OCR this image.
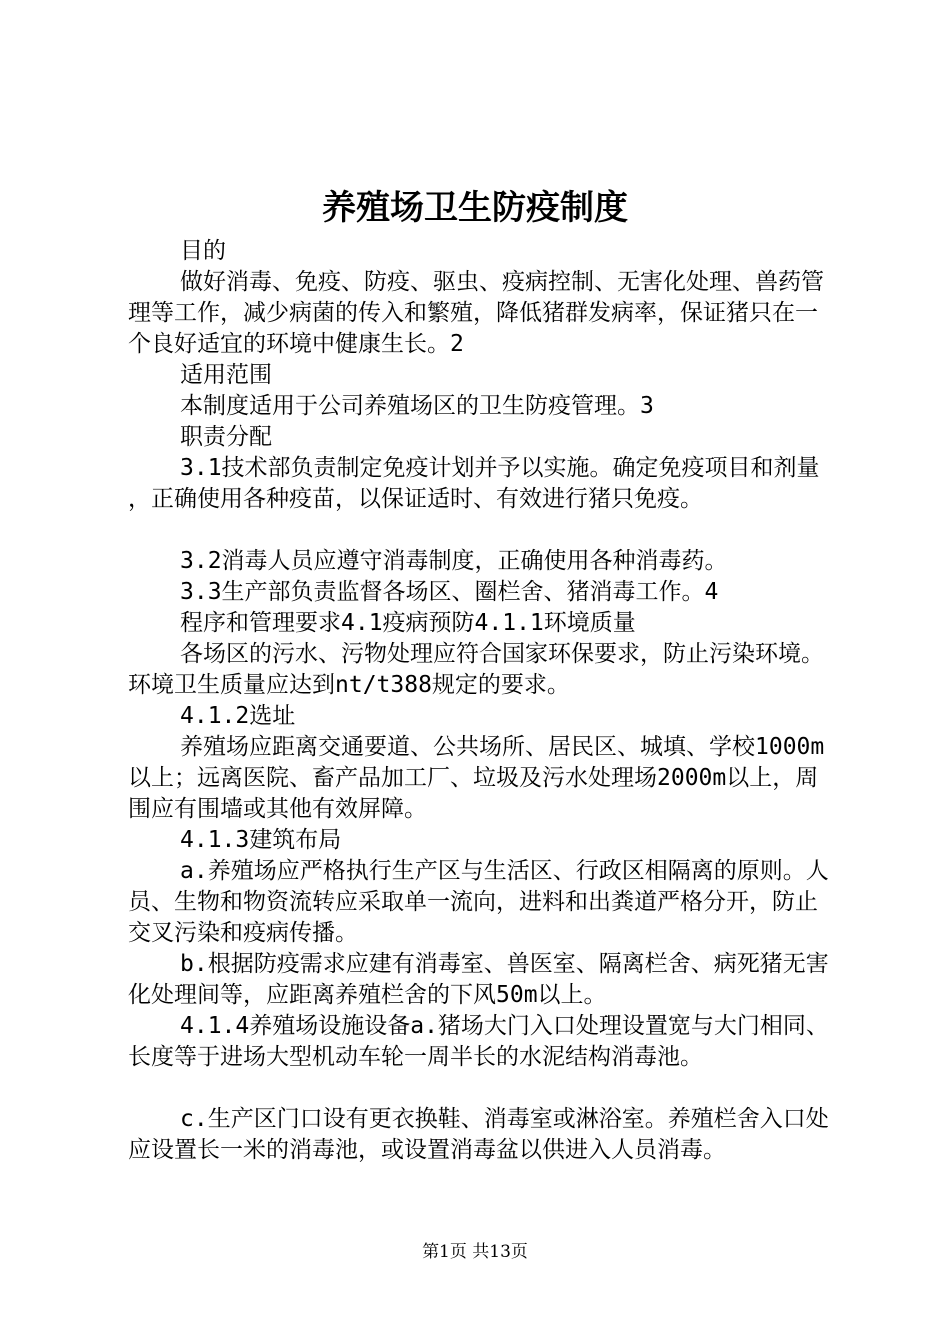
养殖场卫生防疫制度

目的

做好消毒、免疫、防疫、驱虫、疫病控制、无害化处理、兽药管理等工作，减少病菌的传入和繁殖，降低猪群发病率，保证猪只在一个良好适宜的环境中健康生长。2

适用范围

本制度适用于公司养殖场区的卫生防疫管理。3

职责分配

3.1技术部负责制定免疫计划并予以实施。确定免疫项目和剂量，正确使用各种疫苗，以保证适时、有效进行猪只免疫。

3.2消毒人员应遵守消毒制度，正确使用各种消毒药。

3.3生产部负责监督各场区、圈栏舍、猪消毒工作。4

程序和管理要求4.1疫病预防4.1.1环境质量

各场区的污水、污物处理应符合国家环保要求，防止污染环境。环境卫生质量应达到nt/t388规定的要求。

4.1.2选址

养殖场应距离交通要道、公共场所、居民区、城填、学校1000m以上；远离医院、畜产品加工厂、垃圾及污水处理场2000m以上，周围应有围墙或其他有效屏障。

4.1.3建筑布局

a.养殖场应严格执行生产区与生活区、行政区相隔离的原则。人员、生物和物资流转应采取单一流向，进料和出粪道严格分开，防止交叉污染和疫病传播。

b.根据防疫需求应建有消毒室、兽医室、隔离栏舍、病死猪无害化处理间等，应距离养殖栏舍的下风50m以上。

4.1.4养殖场设施设备a.猪场大门入口处理设置宽与大门相同、长度等于进场大型机动车轮一周半长的水泥结构消毒池。

c.生产区门口设有更衣换鞋、消毒室或淋浴室。养殖栏舍入口处应设置长一米的消毒池，或设置消毒盆以供进入人员消毒。

第1页 共13页
